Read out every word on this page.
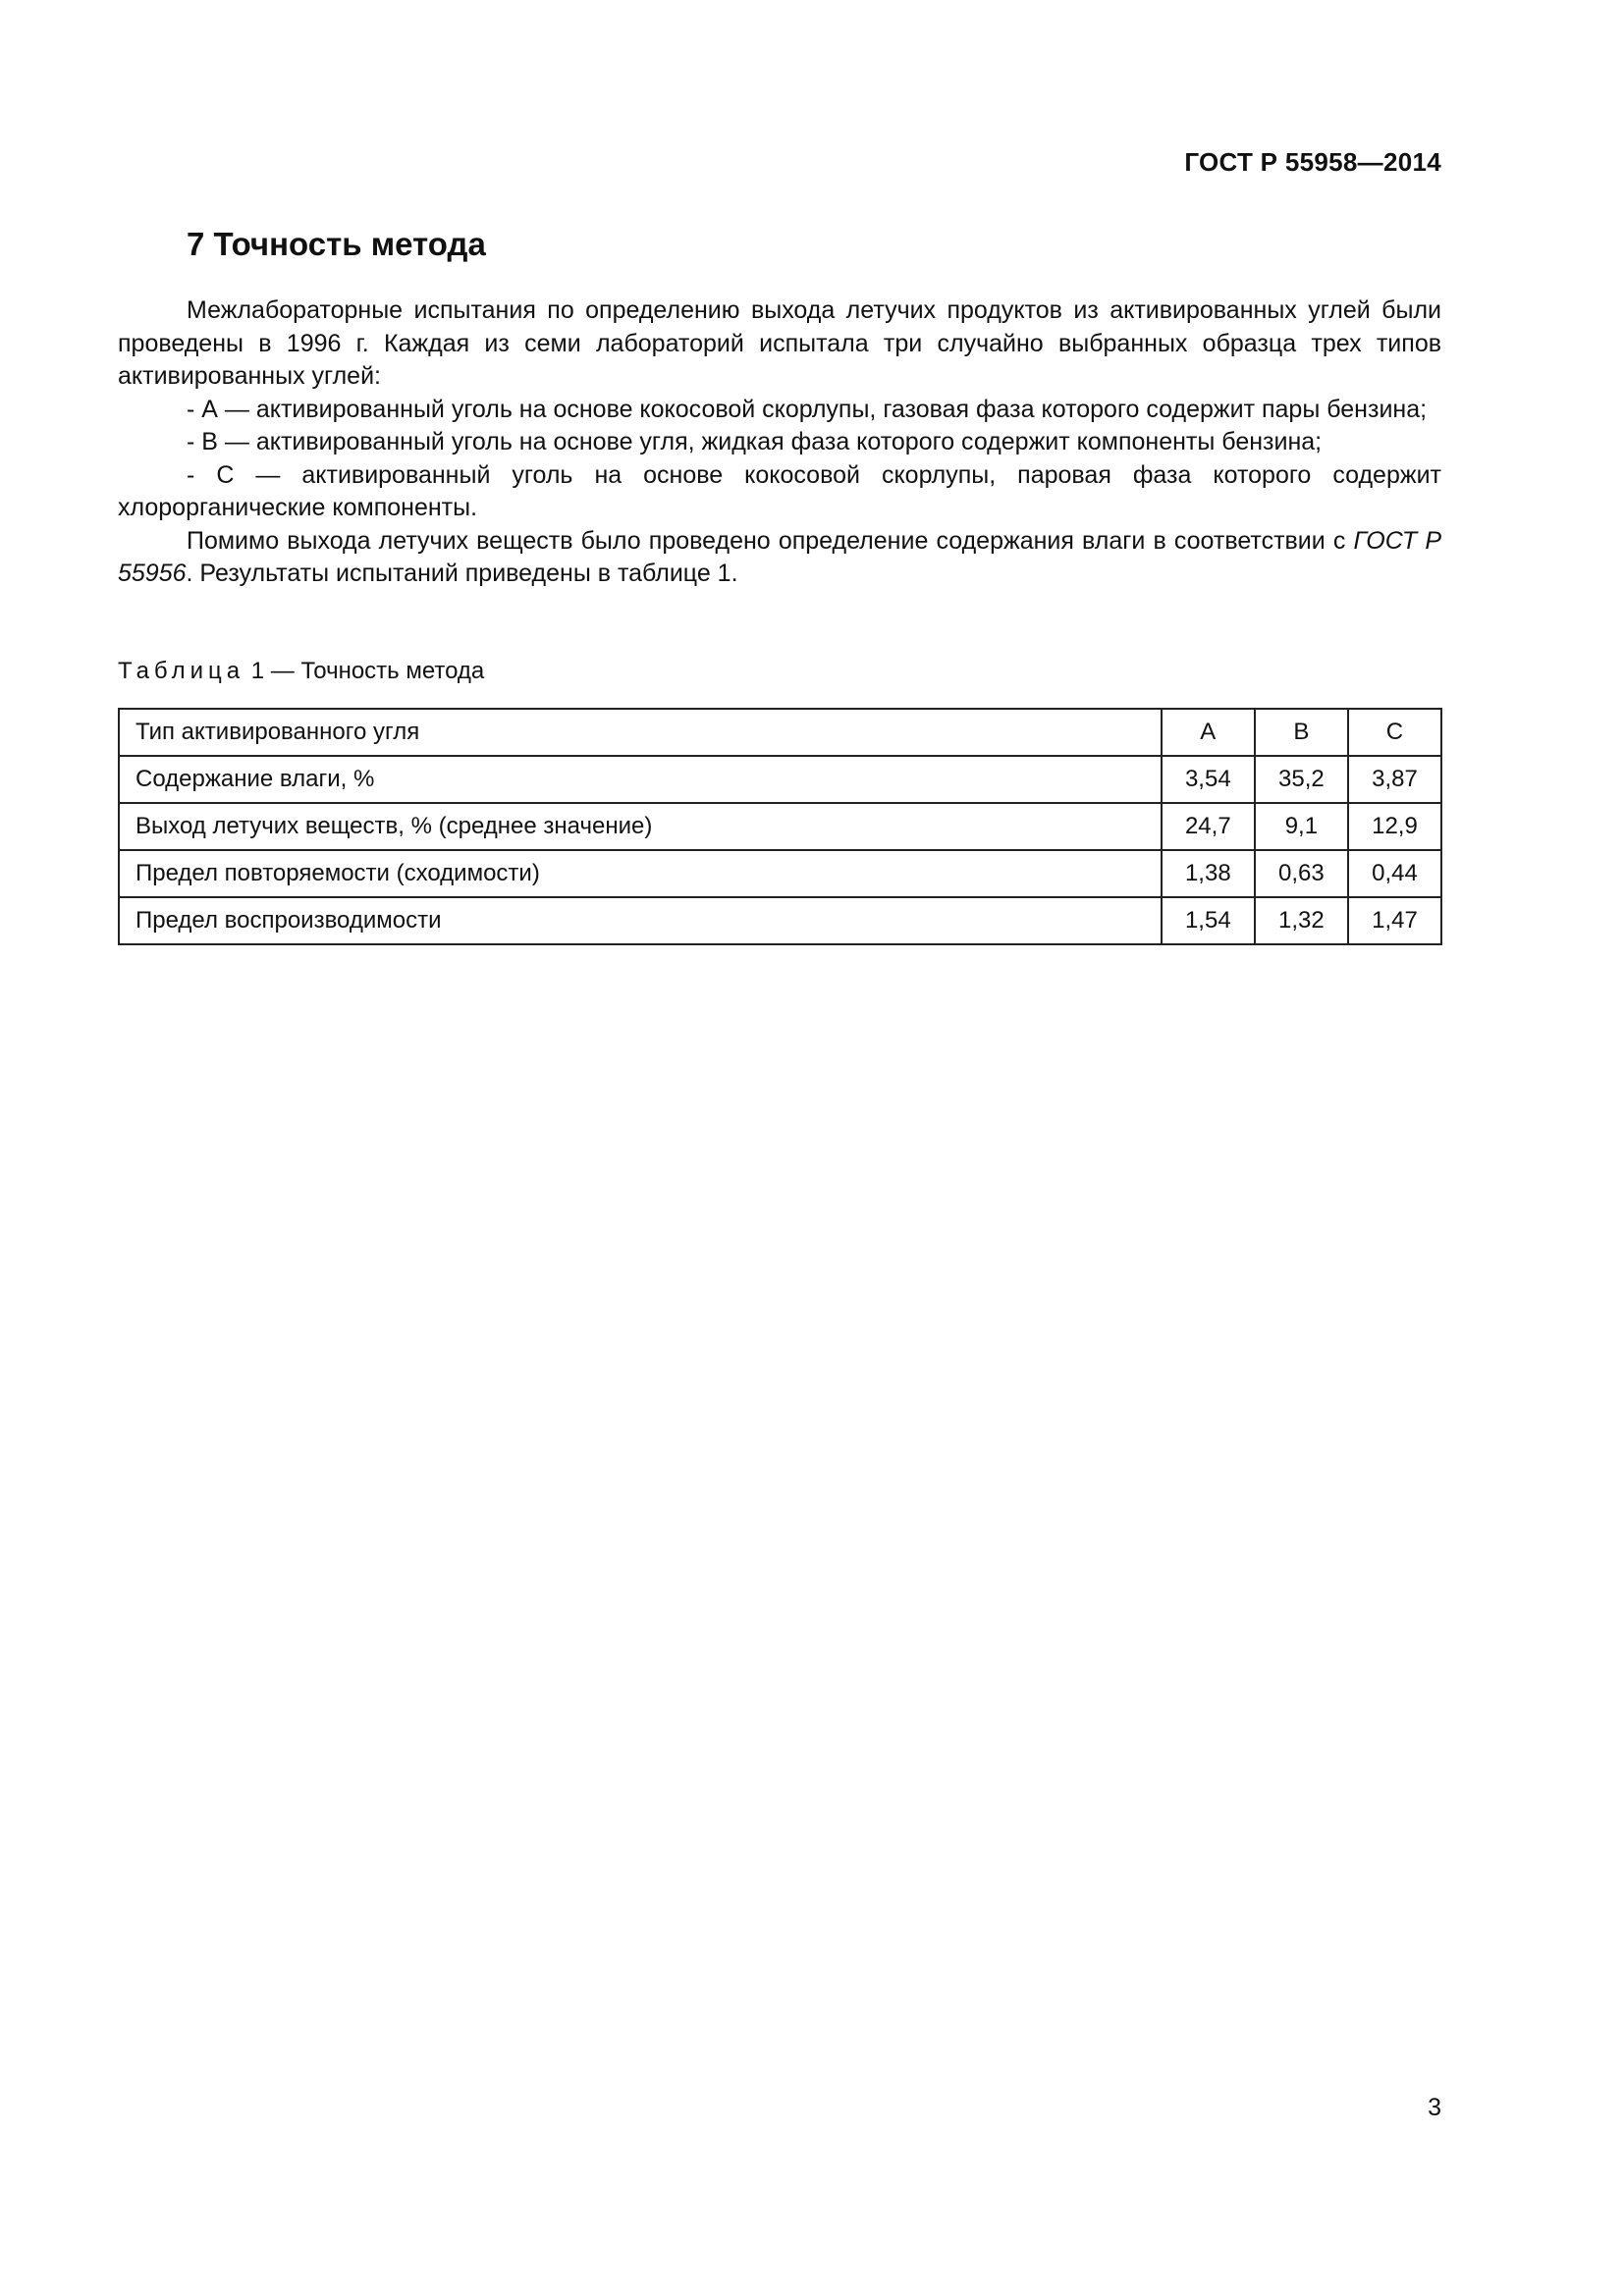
ГОСТ Р 55958—2014
7 Точность метода

Межлабораторные испытания по определению выхода летучих продуктов из активированных углей были проведены в 1996 г. Каждая из семи лабораторий испытала три случайно выбранных образца трех типов активированных углей:

- А — активированный уголь на основе кокосовой скорлупы, газовая фаза которого содержит пары бензина;

- В — активированный уголь на основе угля, жидкая фаза которого содержит компоненты бензина;

- С — активированный уголь на основе кокосовой скорлупы, паровая фаза которого содержит хлорорганические компоненты.

Помимо выхода летучих веществ было проведено определение содержания влаги в соответствии с ГОСТ Р 55956. Результаты испытаний приведены в таблице 1.

Таблица 1 — Точность метода
Тип активированного угля	А	В	С
Содержание влаги, %	3,54	35,2	3,87
Выход летучих веществ, % (среднее значение)	24,7	9,1	12,9
Предел повторяемости (сходимости)	1,38	0,63	0,44
Предел воспроизводимости	1,54	1,32	1,47
3
